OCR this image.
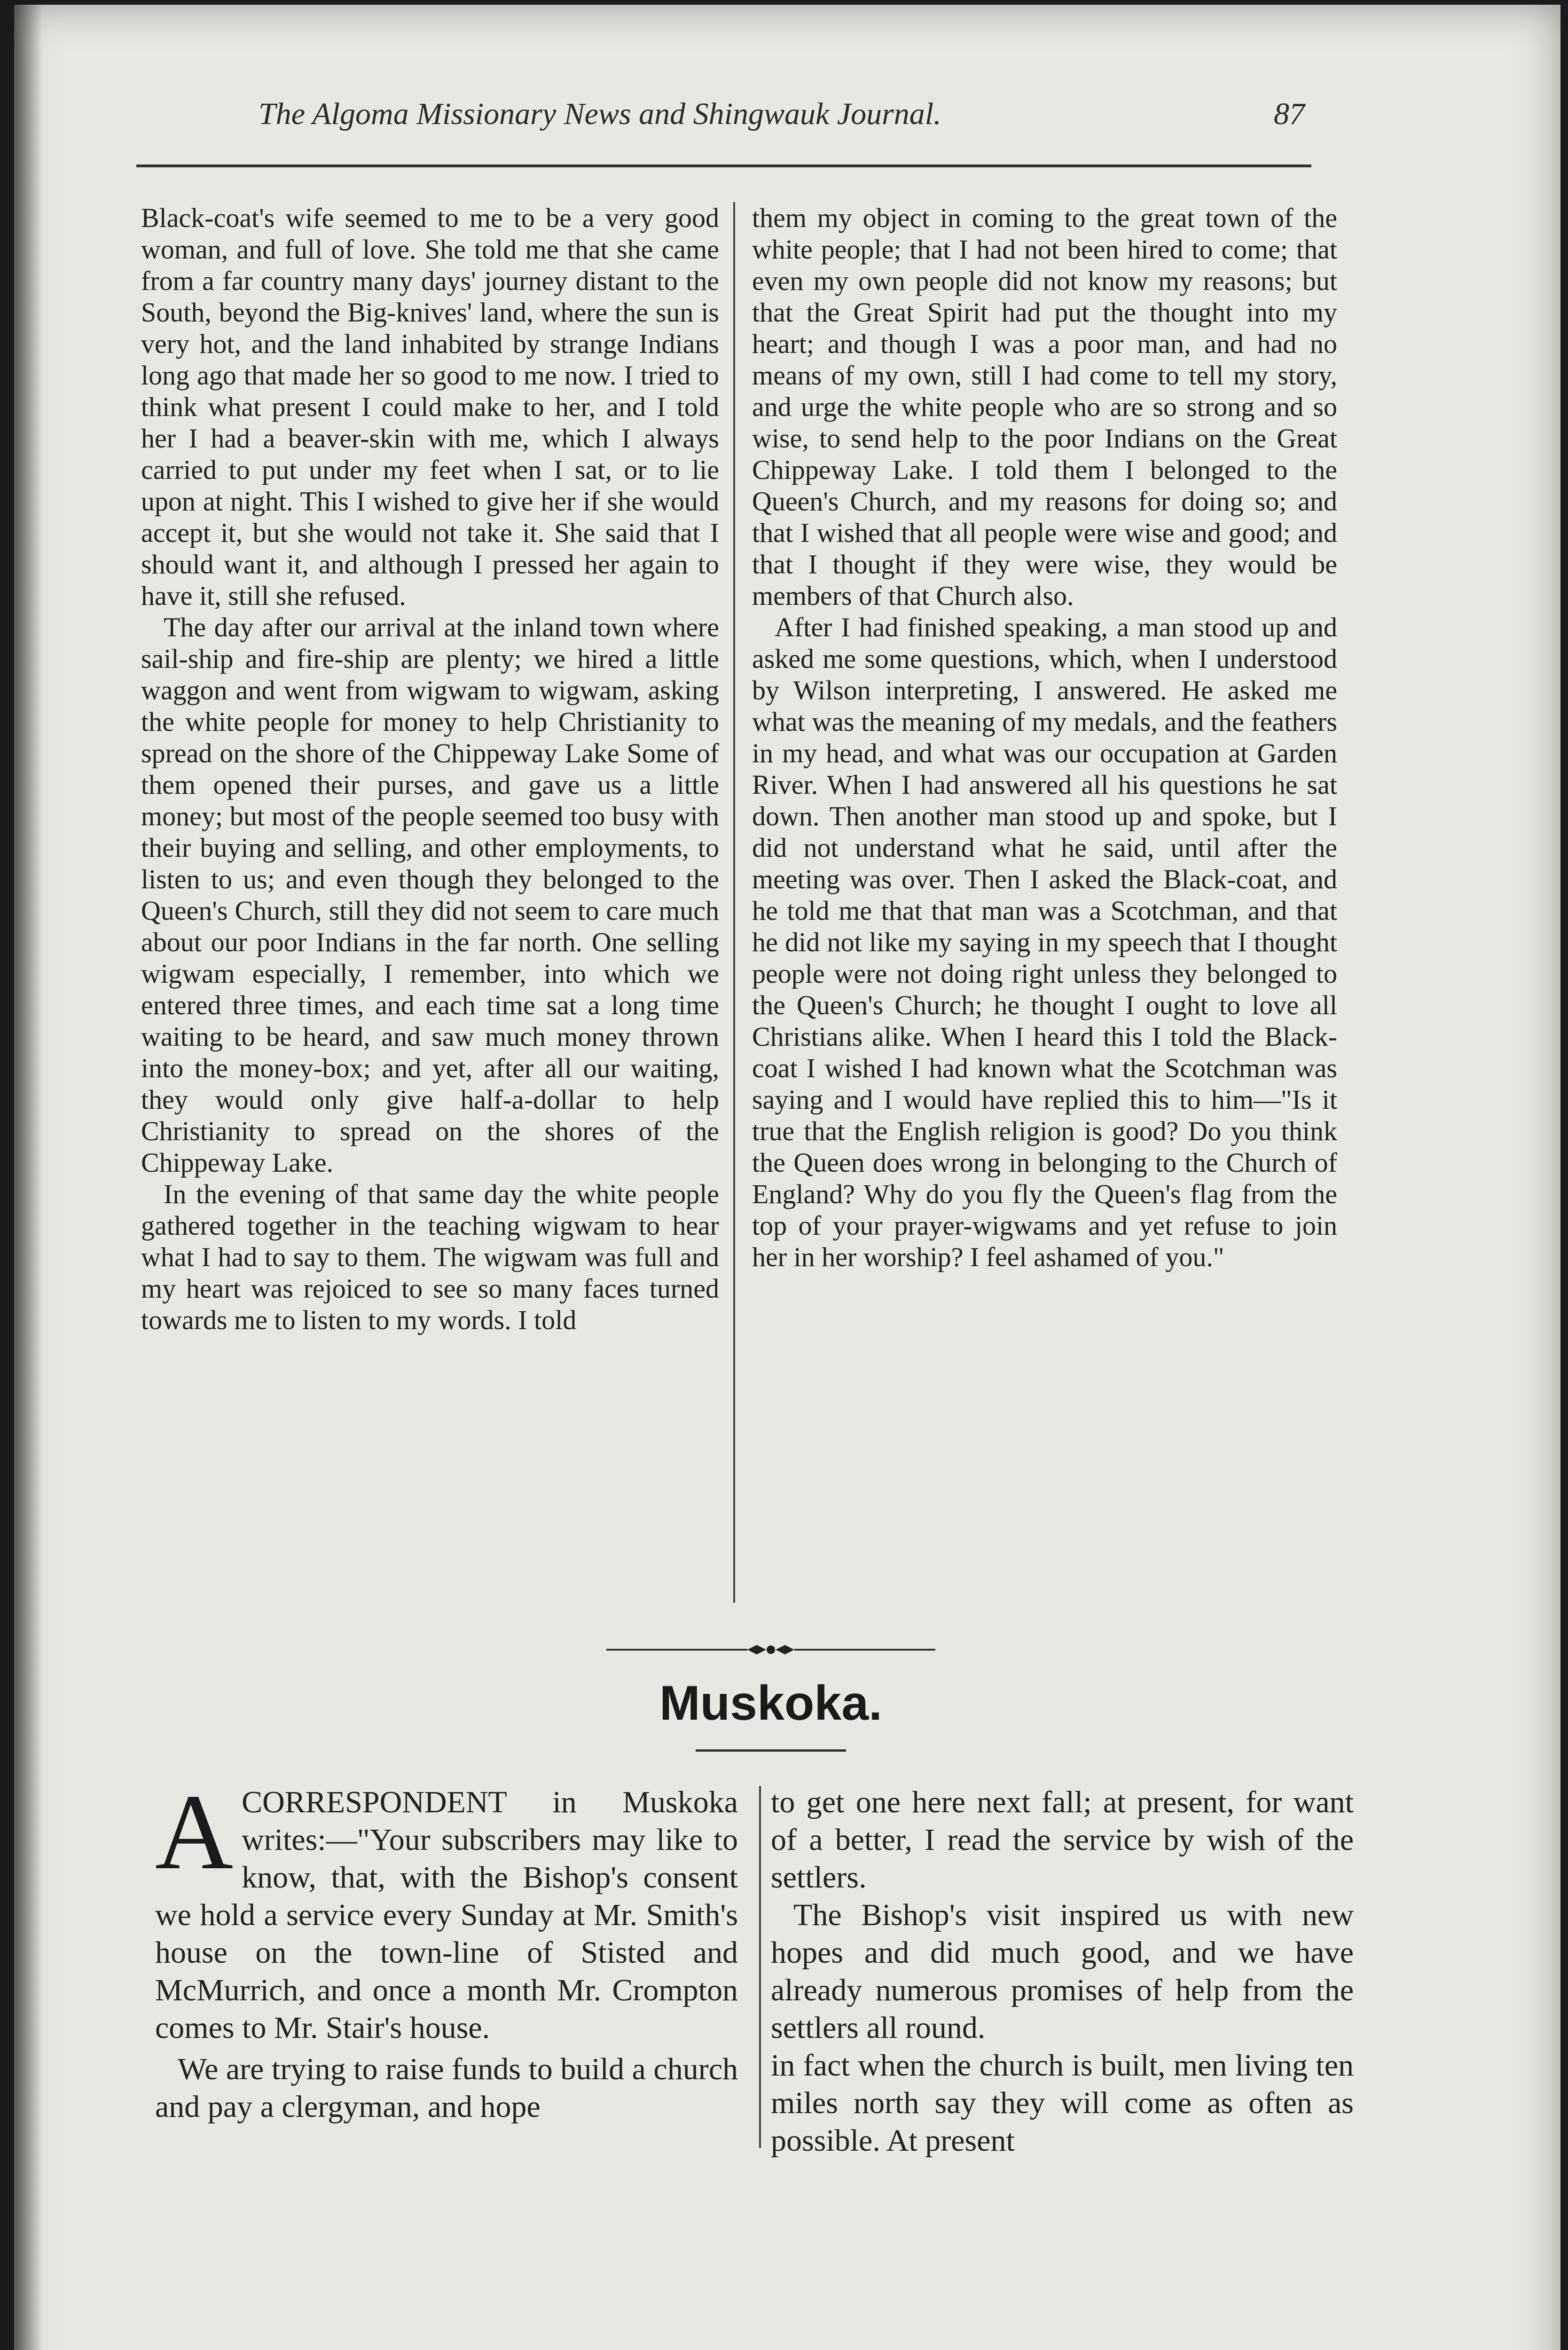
The Algoma Missionary News and Shingwauk Journal.	87

Black-coat's wife seemed to me to be a very good woman, and full of love. She told me that she came from a far country many days' journey distant to the South, beyond the Big-knives' land, where the sun is very hot, and the land inhabited by strange Indians long ago that made her so good to me now. I tried to think what present I could make to her, and I told her I had a beaver-skin with me, which I always carried to put under my feet when I sat, or to lie upon at night. This I wished to give her if she would accept it, but she would not take it. She said that I should want it, and although I pressed her again to have it, still she refused.

The day after our arrival at the inland town where sail-ship and fire-ship are plenty; we hired a little waggon and went from wigwam to wigwam, asking the white people for money to help Christianity to spread on the shore of the Chippeway Lake Some of them opened their purses, and gave us a little money; but most of the people seemed too busy with their buying and selling, and other employments, to listen to us; and even though they belonged to the Queen's Church, still they did not seem to care much about our poor Indians in the far north. One selling wigwam especially, I remember, into which we entered three times, and each time sat a long time waiting to be heard, and saw much money thrown into the money-box; and yet, after all our waiting, they would only give half-a-dollar to help Christianity to spread on the shores of the Chippeway Lake.

In the evening of that same day the white people gathered together in the teaching wigwam to hear what I had to say to them. The wigwam was full and my heart was rejoiced to see so many faces turned towards me to listen to my words. I told

them my object in coming to the great town of the white people; that I had not been hired to come; that even my own people did not know my reasons; but that the Great Spirit had put the thought into my heart; and though I was a poor man, and had no means of my own, still I had come to tell my story, and urge the white people who are so strong and so wise, to send help to the poor Indians on the Great Chippeway Lake. I told them I belonged to the Queen's Church, and my reasons for doing so; and that I wished that all people were wise and good; and that I thought if they were wise, they would be members of that Church also.

After I had finished speaking, a man stood up and asked me some questions, which, when I understood by Wilson interpreting, I answered. He asked me what was the meaning of my medals, and the feathers in my head, and what was our occupation at Garden River. When I had answered all his questions he sat down. Then another man stood up and spoke, but I did not understand what he said, until after the meeting was over. Then I asked the Black-coat, and he told me that that man was a Scotchman, and that he did not like my saying in my speech that I thought people were not doing right unless they belonged to the Queen's Church; he thought I ought to love all Christians alike. When I heard this I told the Black-coat I wished I had known what the Scotchman was saying and I would have replied this to him—"Is it true that the English religion is good? Do you think the Queen does wrong in belonging to the Church of England? Why do you fly the Queen's flag from the top of your prayer-wigwams and yet refuse to join her in her worship? I feel ashamed of you."

Muskoka.

ACORRESPONDENT in Muskoka writes:—"Your subscribers may like to know, that, with the Bishop's consent we hold a service every Sunday at Mr. Smith's house on the town-line of Stisted and McMurrich, and once a month Mr. Crompton comes to Mr. Stair's house.

We are trying to raise funds to build a church and pay a clergyman, and hope

to get one here next fall; at present, for want of a better, I read the service by wish of the settlers.

The Bishop's visit inspired us with new hopes and did much good, and we have already numerous promises of help from the settlers all round.

in fact when the church is built, men living ten miles north say they will come as often as possible. At present
